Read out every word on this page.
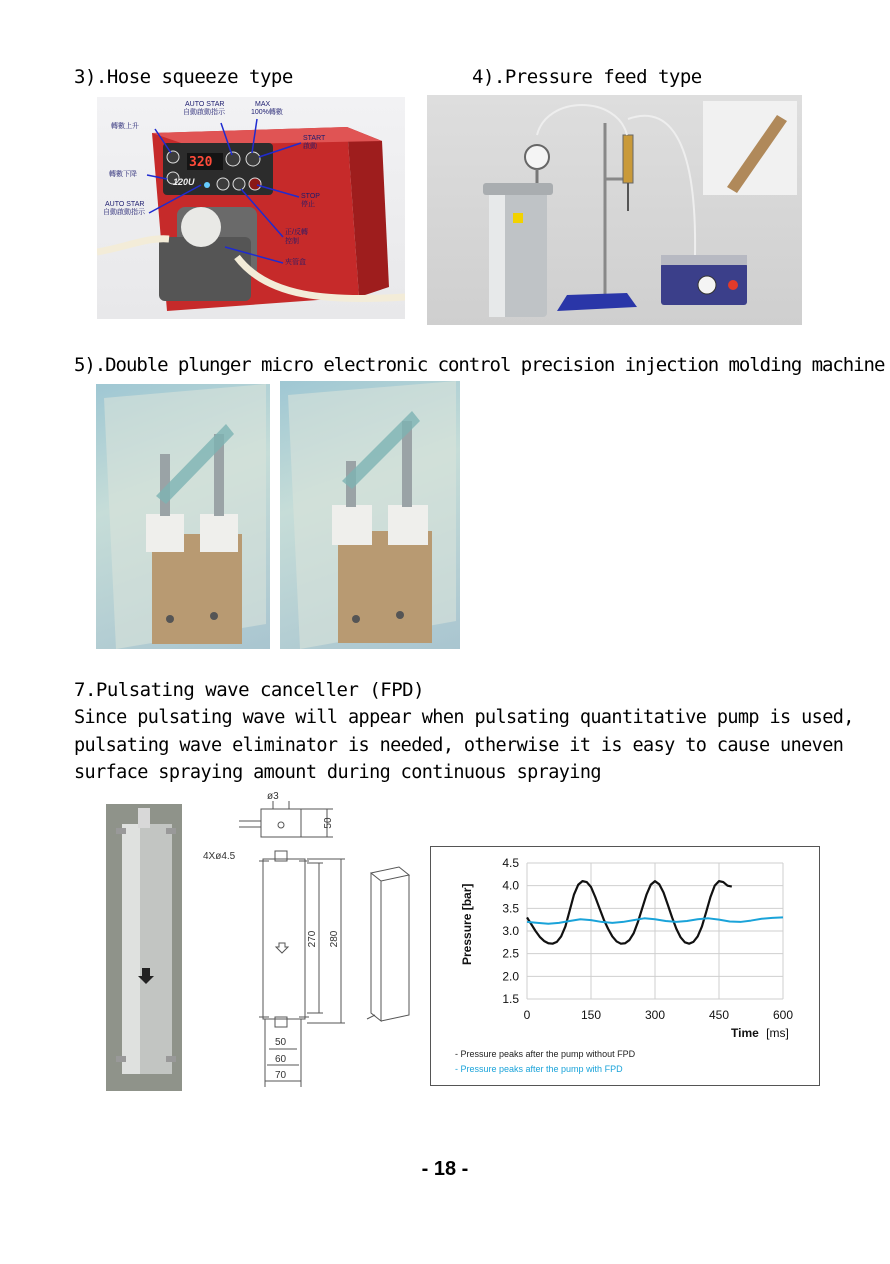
3).Hose squeeze type	4).Pressure feed type
轉數上升
轉數下降
AUTO STAR
自動啟動指示
MAX
100%轉數
START
啟動
AUTO STAR
自動啟動指示
STOP
停止
正/反轉
控制
夾管盒
320
120U
5).Double plunger micro electronic control precision injection molding machine
7.Pulsating wave canceller (FPD)
Since pulsating wave will appear when pulsating quantitative pump is used,
pulsating wave eliminator is needed, otherwise it is easy to cause uneven
surface spraying amount during continuous spraying
ø3
4Xø4.5
50
270 280
50
60
70
4.5
4.0
3.5
3.0
2.5
2.0
1.5
0	150	300	450	600
Time [ms]
Pressure [bar]
- Pressure peaks after the pump without FPD
- Pressure peaks after the pump with FPD
- 18 -
